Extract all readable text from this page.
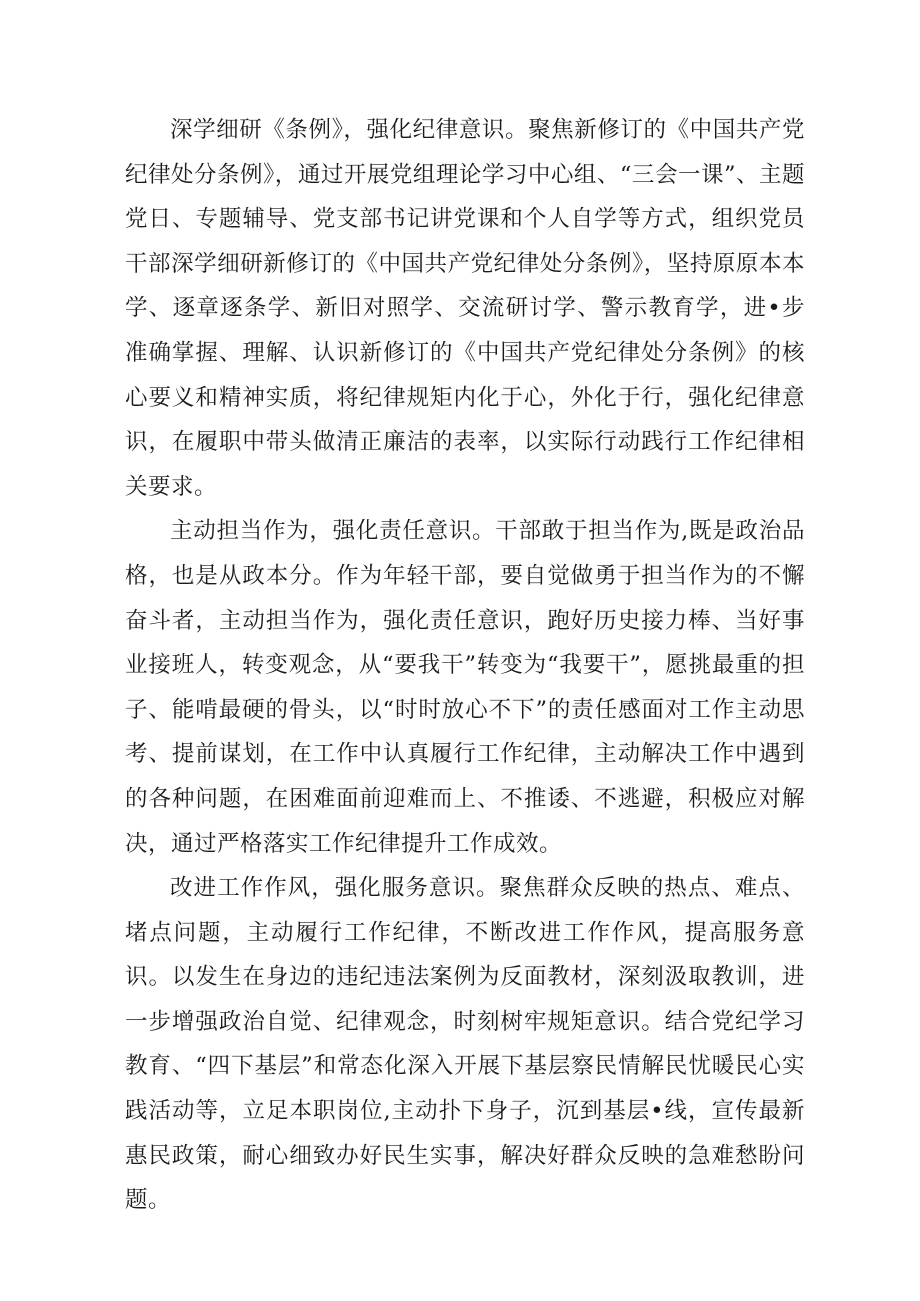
深学细研《条例》，强化纪律意识。聚焦新修订的《中国共产党纪律处分条例》，通过开展党组理论学习中心组、“三会一课”、主题党日、专题辅导、党支部书记讲党课和个人自学等方式，组织党员干部深学细研新修订的《中国共产党纪律处分条例》，坚持原原本本学、逐章逐条学、新旧对照学、交流研讨学、警示教育学，进•步准确掌握、理解、认识新修订的《中国共产党纪律处分条例》的核心要义和精神实质，将纪律规矩内化于心，外化于行，强化纪律意识，在履职中带头做清正廉洁的表率，以实际行动践行工作纪律相关要求。

主动担当作为，强化责任意识。干部敢于担当作为,既是政治品格，也是从政本分。作为年轻干部，要自觉做勇于担当作为的不懈奋斗者，主动担当作为，强化责任意识，跑好历史接力棒、当好事业接班人，转变观念，从“要我干”转变为“我要干”，愿挑最重的担子、能啃最硬的骨头，以“时时放心不下”的责任感面对工作主动思考、提前谋划，在工作中认真履行工作纪律，主动解决工作中遇到的各种问题，在困难面前迎难而上、不推诿、不逃避，积极应对解决，通过严格落实工作纪律提升工作成效。

改进工作作风，强化服务意识。聚焦群众反映的热点、难点、堵点问题，主动履行工作纪律，不断改进工作作风，提高服务意识。以发生在身边的违纪违法案例为反面教材，深刻汲取教训，进一步增强政治自觉、纪律观念，时刻树牢规矩意识。结合党纪学习教育、“四下基层”和常态化深入开展下基层察民情解民忧暖民心实践活动等，立足本职岗位,主动扑下身子，沉到基层•线，宣传最新惠民政策，耐心细致办好民生实事，解决好群众反映的急难愁盼问题。
